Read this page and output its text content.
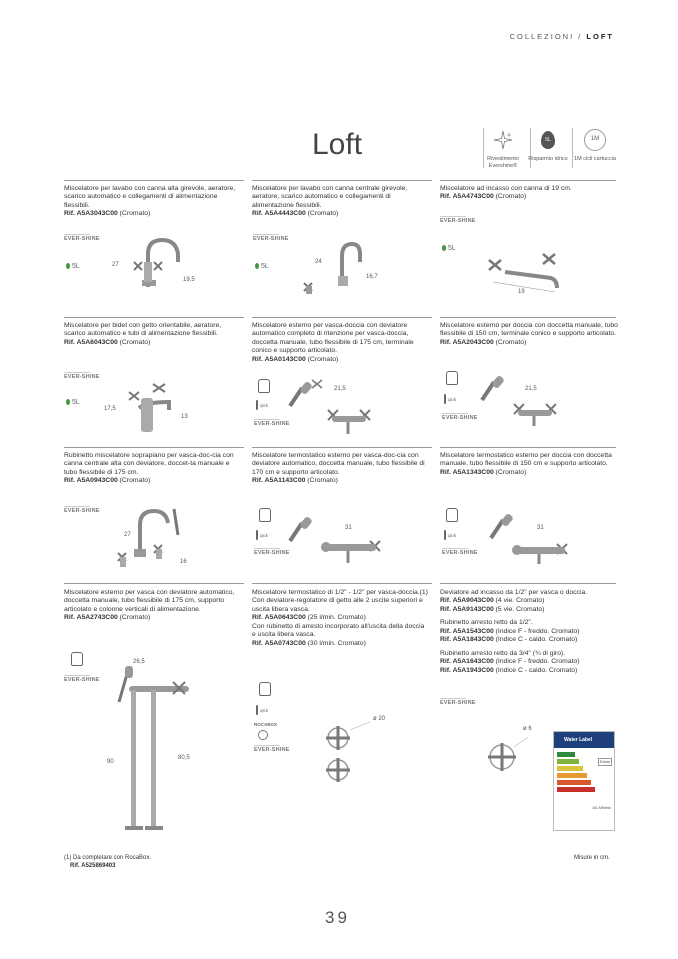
COLLEZIONI / LOFT
Loft	Rivestimento Evershine®
5L
Risparmio idrico
1M
1M cicli cartuccia
Miscelatore per lavabo con canna alta girevole, aeratore, scarico automatico e collegamenti di alimentazione flessibili.
Rif. A5A3043C00 (Cromato)
EVER-SHINE
5L	27
19,5
Miscelatore per lavabo con canna centrale girevole, aeratore, scarico automatico e collegamenti di alimentazione flessibili.
Rif. A5A4443C00 (Cromato)
EVER-SHINE
5L
24
16,7
Miscelatore ad incasso con canna di 19 cm.
Rif. A5A4743C00 (Cromato)
EVER-SHINE
5L
19
Miscelatore per bidet con getto orientabile, aeratore, scarico automatico e tubi di alimentazione flessibili.
Rif. A5A6043C00 (Cromato)
EVER-SHINE
5L
17,5
13
Miscelatore esterno per vasca-doccia con deviatore automatico completo di ritenzione per vasca-doccia, doccetta manuale, tubo flessibile di 175 cm, terminale conico e supporto articolato.
Rif. A5A0143C00 (Cromato)
qick
EVER-SHINE
21,5
Miscelatore esterno per doccia con doccetta manuale, tubo flessibile di 150 cm, terminale conico e supporto articolato.
Rif. A5A2043C00 (Cromato)
qick
EVER-SHINE
21,5
Rubinetto miscelatore soprapiano per vasca-doc-cia con canna centrale alta con deviatore, doccet-ta manuale e tubo flessibile di 175 cm.
Rif. A5A0943C00 (Cromato)
EVER-SHINE
27
16
Miscelatore termostatico esterno per vasca-doc-cia con deviatore automatico, doccetta manuale, tubo flessibile di 170 cm e supporto articolato.
Rif. A5A1143C00 (Cromato)
qick
EVER-SHINE
31
Miscelatore termostatico esterno per doccia con doccetta manuale, tubo flessibile di 150 cm e supporto articolato.
Rif. A5A1343C00 (Cromato)
qick
EVER-SHINE
31
Miscelatore esterno per vasca con deviatore automatico, doccetta manuale, tubo flessibile di 175 cm, supporto articolato e colonne verticali di alimentazione.
Rif. A5A2743C00 (Cromato)
EVER-SHINE
26,5
90
80,5
Miscelatore termostatico di 1/2" - 1/2" per vasca-doccia.(1)
Con deviatore-regolatore di getto alle 2 uscite superiori e uscita libera vasca.
Rif. A5A0643C00 (25 l/min. Cromato)
Con rubinetto di arresto incorporato all'uscita della doccia e uscita libera vasca.
Rif. A5A0743C00 (30 l/min. Cromato)
qick
ROCABOX
EVER-SHINE
ø 20
Deviatore ad incasso da 1/2" per vasca o doccia.
Rif. A5A9043C00 (4 vie. Cromato)
Rif. A5A9143C00 (5 vie. Cromato)
Rubinetto arresto retto da 1/2".
Rif. A5A1543C00 (Indice F - freddo. Cromato)
Rif. A5A1843C00 (Indice C - caldo. Cromato)
Rubinetto arresto retto da 3/4" (¾ di giro).
Rif. A5A1643C00 (Indice F - freddo. Cromato)
Rif. A5A1943C00 (Indice C - caldo. Cromato)
EVER-SHINE
ø 6
Water Label
5 l/min
101 MH/min
(1) Da completare con RocaBox.
Rif. A525869403
Misure in cm.
39
